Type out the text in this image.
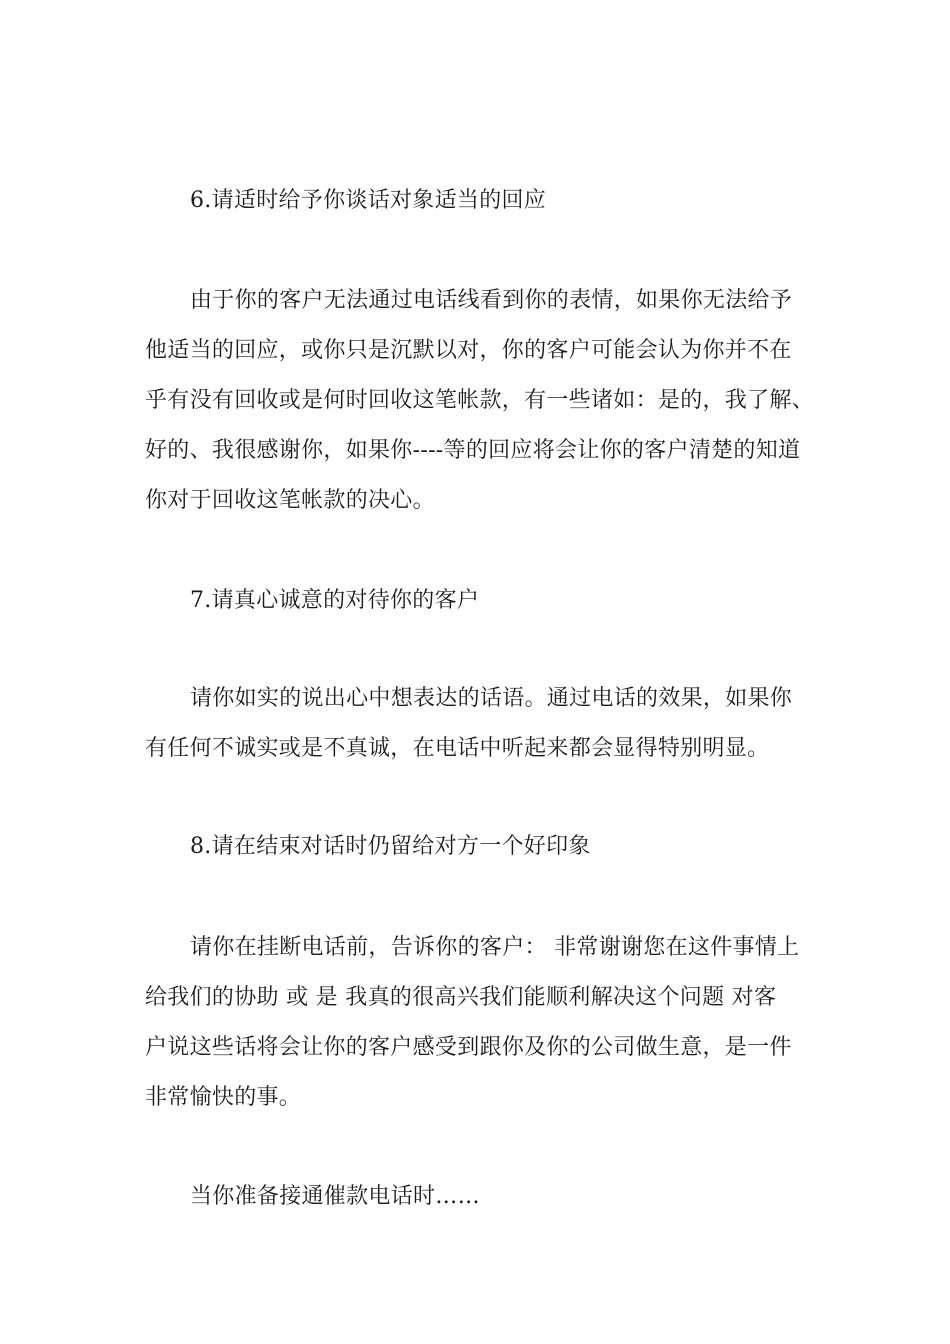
6.请适时给予你谈话对象适当的回应
由于你的客户无法通过电话线看到你的表情，如果你无法给予
他适当的回应，或你只是沉默以对，你的客户可能会认为你并不在
乎有没有回收或是何时回收这笔帐款，有一些诸如：是的，我了解、
好的、我很感谢你，如果你----等的回应将会让你的客户清楚的知道
你对于回收这笔帐款的决心。
7.请真心诚意的对待你的客户
请你如实的说出心中想表达的话语。通过电话的效果，如果你
有任何不诚实或是不真诚，在电话中听起来都会显得特别明显。
8.请在结束对话时仍留给对方一个好印象
请你在挂断电话前，告诉你的客户： 非常谢谢您在这件事情上
给我们的协助 或 是 我真的很高兴我们能顺利解决这个问题 对客
户说这些话将会让你的客户感受到跟你及你的公司做生意，是一件
非常愉快的事。
当你准备接通催款电话时……
